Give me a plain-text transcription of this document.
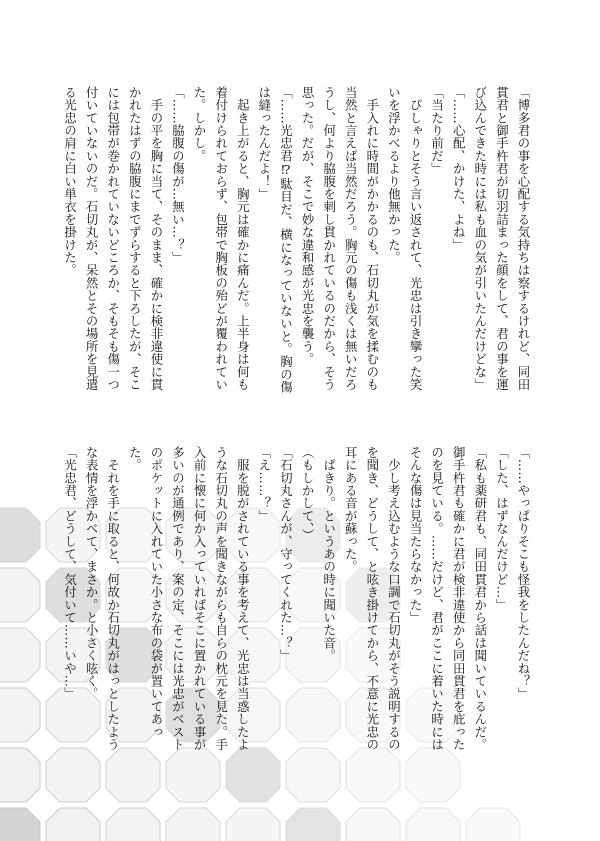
「博多君の事を心配する気持ちは察するけれど、同田
貫君と御手杵君が切羽詰まった顔をして、君の事を運
び込んできた時には私も血の気が引いたんだけどな」
「……心配、かけた、よね」
「当たり前だ」
　ぴしゃりとそう言い返されて、光忠は引き攣った笑
いを浮かべるより他無かった。
　手入れに時間がかかるのも、石切丸が気を揉むのも
当然と言えば当然だろう。胸元の傷も浅くは無いだろ
うし、何より脇腹を刺し貫かれているのだから、そう
思った。だが、そこで妙な違和感が光忠を襲う。
「……光忠君⁉駄目だ、横になっていないと。胸の傷
は縫ったんだよ！」
　起き上がると、胸元は確かに痛んだ。上半身は何も
着付けられておらず、包帯で胸板の殆どが覆われてい
た。しかし。
「……脇腹の傷が…無い…？」
　手の平を胸に当て、そのまま、確かに検非違使に貫
かれたはずの脇腹にまでずらすると下ろしたが、そこ
には包帯が巻かれていないどころか、そもそも傷一つ
付いていないのだ。石切丸が、呆然とその場所を見遣
る光忠の肩に白い単衣を掛けた。
「……やっぱりそこも怪我をしたんだね？」
「した、はずなんだけど…」
「私も薬研君も、同田貫君から話は聞いているんだ。
御手杵君も確かに君が検非違使から同田貫君を庇った
のを見ている。……だけど、君がここに着いた時には
そんな傷は見当たらなかった」
　少し考え込むような口調で石切丸がそう説明するの
を聞き、どうして、と呟き掛けてから、不意に光忠の
耳にある音が蘇った。
　ぱきり。というあの時に聞いた音。
（もしかして、）
「石切丸さんが、守ってくれた…？」
「え……？」
　服を脱がされている事を考えて、光忠は当惑したよ
うな石切丸の声を聞きながらも自らの枕元を見た。手
入前に懐に何か入っていればそこに置かれている事が
多いのが通例であり、案の定、そこには光忠がベスト
のポケットに入れていた小さな布の袋が置いてあっ
た。
　それを手に取ると、何故か石切丸がはっとしたよう
な表情を浮かべて、まさか。と小さく呟く。
「光忠君、どうして、気付いて……いや…」
